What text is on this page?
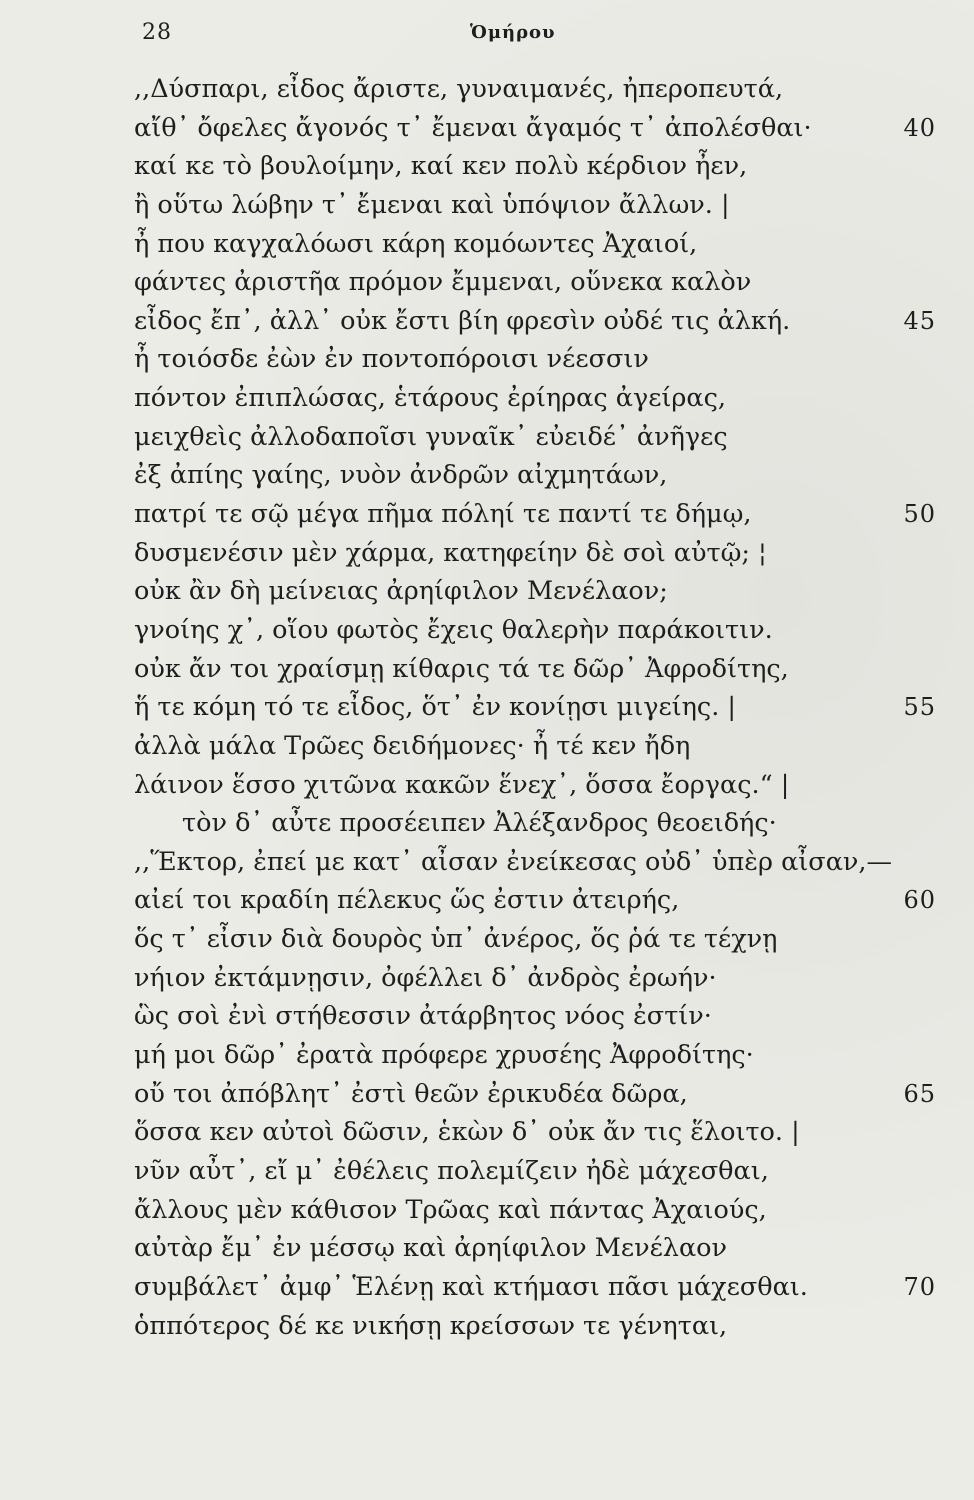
28	Ὁμήρου
,,Δύσπαρι, εἶδος ἄριστε, γυναιμανές, ἠπεροπευτά,
αἴθ᾽ ὄφελες ἄγονός τ᾽ ἔμεναι ἄγαμός τ᾽ ἀπολέσθαι·	40
καί κε τὸ βουλοίμην, καί κεν πολὺ κέρδιον ἦεν,
ἢ οὕτω λώβην τ᾽ ἔμεναι καὶ ὑπόψιον ἄλλων. |
ἦ που καγχαλόωσι κάρη κομόωντες Ἀχαιοί,
φάντες ἀριστῆα πρόμον ἔμμεναι, οὕνεκα καλὸν
εἶδος ἔπ᾽, ἀλλ᾽ οὐκ ἔστι βίη φρεσὶν οὐδέ τις ἀλκή.	45
ἦ τοιόσδε ἐὼν ἐν ποντοπόροισι νέεσσιν
πόντον ἐπιπλώσας, ἑτάρους ἐρίηρας ἀγείρας,
μειχθεὶς ἀλλοδαποῖσι γυναῖκ᾽ εὐειδέ᾽ ἀνῆγες
ἐξ ἀπίης γαίης, νυὸν ἀνδρῶν αἰχμητάων,
πατρί τε σῷ μέγα πῆμα πόληί τε παντί τε δήμῳ,	50
δυσμενέσιν μὲν χάρμα, κατηφείην δὲ σοὶ αὐτῷ; ¦
οὐκ ἂν δὴ μείνειας ἀρηίφιλον Μενέλαον;
γνοίης χ᾽, οἵου φωτὸς ἔχεις θαλερὴν παράκοιτιν.
οὐκ ἄν τοι χραίσμῃ κίθαρις τά τε δῶρ᾽ Ἀφροδίτης,
ἥ τε κόμη τό τε εἶδος, ὅτ᾽ ἐν κονίῃσι μιγείης. |	55
ἀλλὰ μάλα Τρῶες δειδήμονες· ἦ τέ κεν ἤδη
λάινον ἕσσο χιτῶνα κακῶν ἕνεχ᾽, ὅσσα ἔοργας.“ |
τὸν δ᾽ αὖτε προσέειπεν Ἀλέξανδρος θεοειδής·
,,Ἕκτορ, ἐπεί με κατ᾽ αἶσαν ἐνείκεσας οὐδ᾽ ὑπὲρ αἶσαν,—
αἰεί τοι κραδίη πέλεκυς ὥς ἐστιν ἀτειρής,	60
ὅς τ᾽ εἶσιν διὰ δουρὸς ὑπ᾽ ἀνέρος, ὅς ῥά τε τέχνῃ
νήιον ἐκτάμνῃσιν, ὀφέλλει δ᾽ ἀνδρὸς ἐρωήν·
ὣς σοὶ ἐνὶ στήθεσσιν ἀτάρβητος νόος ἐστίν·
μή μοι δῶρ᾽ ἐρατὰ πρόφερε χρυσέης Ἀφροδίτης·
οὔ τοι ἀπόβλητ᾽ ἐστὶ θεῶν ἐρικυδέα δῶρα,	65
ὅσσα κεν αὐτοὶ δῶσιν, ἑκὼν δ᾽ οὐκ ἄν τις ἕλοιτο. |
νῦν αὖτ᾽, εἴ μ᾽ ἐθέλεις πολεμίζειν ἠδὲ μάχεσθαι,
ἄλλους μὲν κάθισον Τρῶας καὶ πάντας Ἀχαιούς,
αὐτὰρ ἔμ᾽ ἐν μέσσῳ καὶ ἀρηίφιλον Μενέλαον
συμβάλετ᾽ ἀμφ᾽ Ἑλένῃ καὶ κτήμασι πᾶσι μάχεσθαι.	70
ὁππότερος δέ κε νικήσῃ κρείσσων τε γένηται,
